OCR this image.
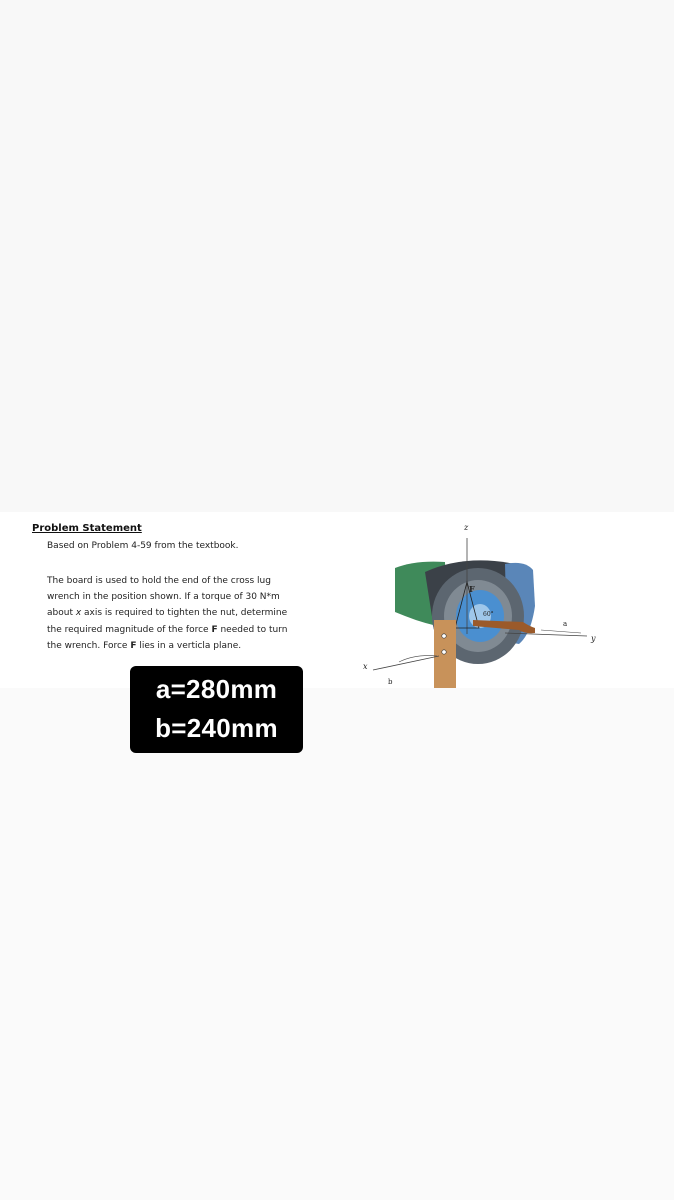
Problem Statement
Based on Problem 4-59 from the textbook.
The board is used to hold the end of the cross lug
wrench in the position shown. If a torque of 30 N*m
about x axis is required to tighten the nut, determine
the required magnitude of the force F needed to turn
the wrench. Force F lies in a verticla plane.
z
F
60°
y
a
x
b
a=280mm
b=240mm
